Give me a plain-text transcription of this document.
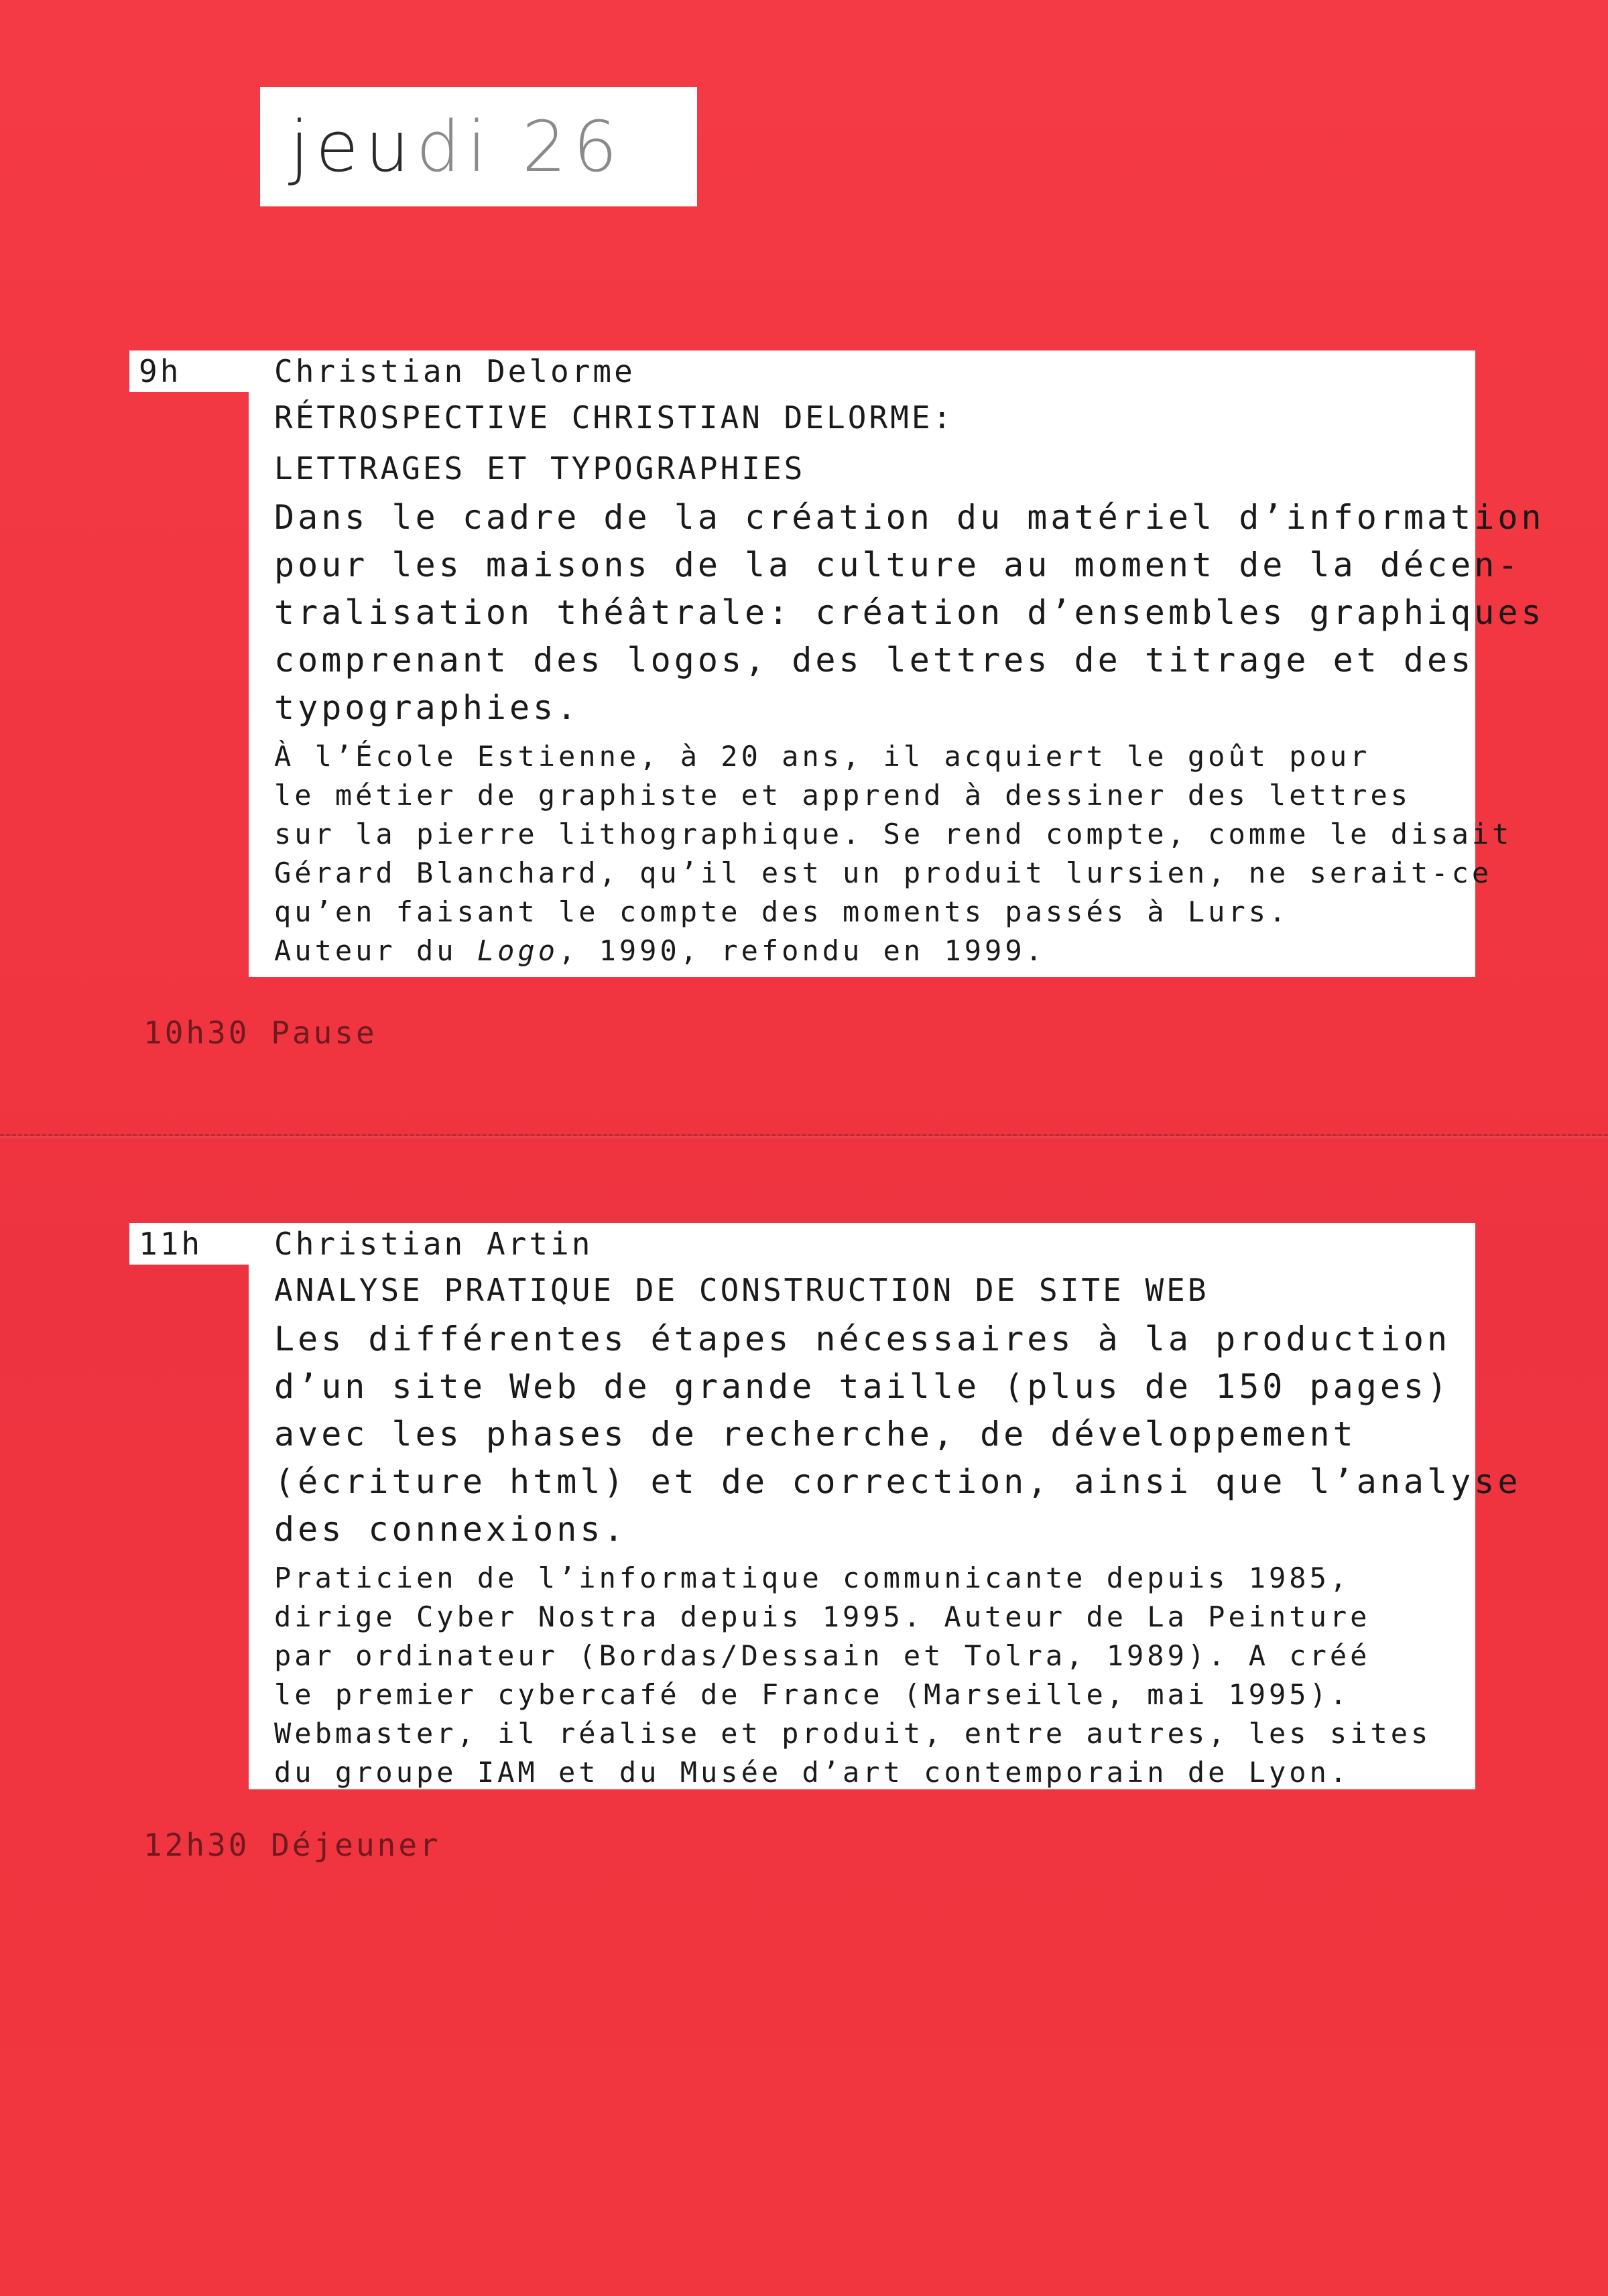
jeudi 26
9h	Christian Delorme
RÉTROSPECTIVE CHRISTIAN DELORME:
LETTRAGES ET TYPOGRAPHIES
Dans le cadre de la création du matériel d’information
pour les maisons de la culture au moment de la décen-
tralisation théâtrale: création d’ensembles graphiques
comprenant des logos, des lettres de titrage et des
typographies.
À l’École Estienne, à 20 ans, il acquiert le goût pour
le métier de graphiste et apprend à dessiner des lettres
sur la pierre lithographique. Se rend compte, comme le disait
Gérard Blanchard, qu’il est un produit lursien, ne serait-ce
qu’en faisant le compte des moments passés à Lurs.
Auteur du Logo, 1990, refondu en 1999.
10h30 Pause
11h	Christian Artin
ANALYSE PRATIQUE DE CONSTRUCTION DE SITE WEB
Les différentes étapes nécessaires à la production
d’un site Web de grande taille (plus de 150 pages)
avec les phases de recherche, de développement
(écriture html) et de correction, ainsi que l’analyse
des connexions.
Praticien de l’informatique communicante depuis 1985,
dirige Cyber Nostra depuis 1995. Auteur de La Peinture
par ordinateur (Bordas/Dessain et Tolra, 1989). A créé
le premier cybercafé de France (Marseille, mai 1995).
Webmaster, il réalise et produit, entre autres, les sites
du groupe IAM et du Musée d’art contemporain de Lyon.
12h30 Déjeuner
